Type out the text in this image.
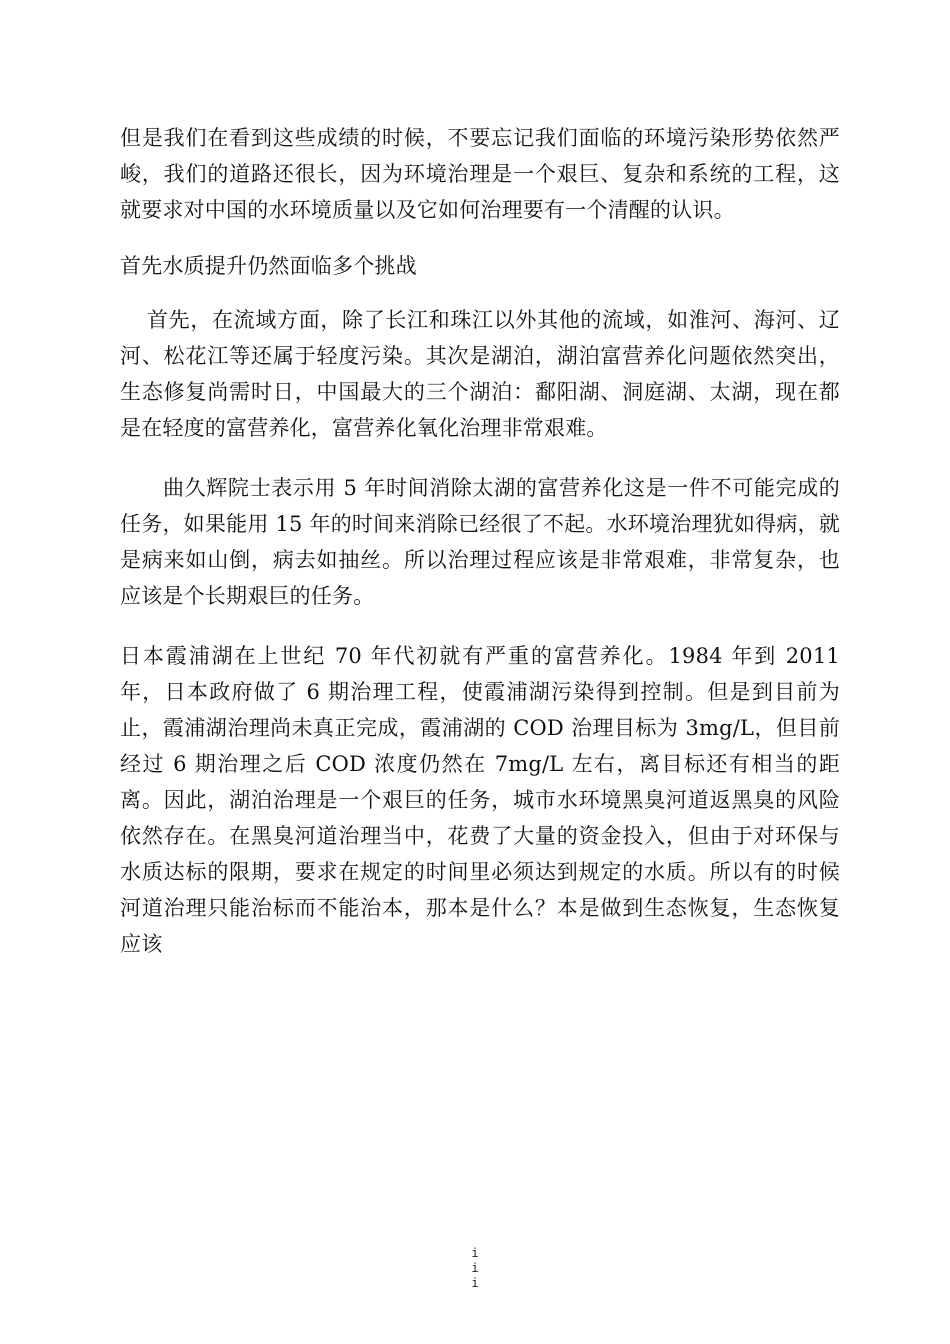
但是我们在看到这些成绩的时候，不要忘记我们面临的环境污染形势依然严峻，我们的道路还很长，因为环境治理是一个艰巨、复杂和系统的工程，这就要求对中国的水环境质量以及它如何治理要有一个清醒的认识。

首先水质提升仍然面临多个挑战

首先，在流域方面，除了长江和珠江以外其他的流域，如淮河、海河、辽河、松花江等还属于轻度污染。其次是湖泊，湖泊富营养化问题依然突出，生态修复尚需时日，中国最大的三个湖泊：鄱阳湖、洞庭湖、太湖，现在都是在轻度的富营养化，富营养化氧化治理非常艰难。

曲久辉院士表示用 5 年时间消除太湖的富营养化这是一件不可能完成的任务，如果能用 15 年的时间来消除已经很了不起。水环境治理犹如得病，就是病来如山倒，病去如抽丝。所以治理过程应该是非常艰难，非常复杂，也应该是个长期艰巨的任务。

日本霞浦湖在上世纪 70 年代初就有严重的富营养化。1984 年到 2011 年，日本政府做了 6 期治理工程，使霞浦湖污染得到控制。但是到目前为止，霞浦湖治理尚未真正完成，霞浦湖的 COD 治理目标为 3mg/L，但目前经过 6 期治理之后 COD 浓度仍然在 7mg/L 左右，离目标还有相当的距离。因此，湖泊治理是一个艰巨的任务，城市水环境黑臭河道返黑臭的风险依然存在。在黑臭河道治理当中，花费了大量的资金投入，但由于对环保与水质达标的限期，要求在规定的时间里必须达到规定的水质。所以有的时候河道治理只能治标而不能治本，那本是什么？本是做到生态恢复，生态恢复应该

i
i
i
